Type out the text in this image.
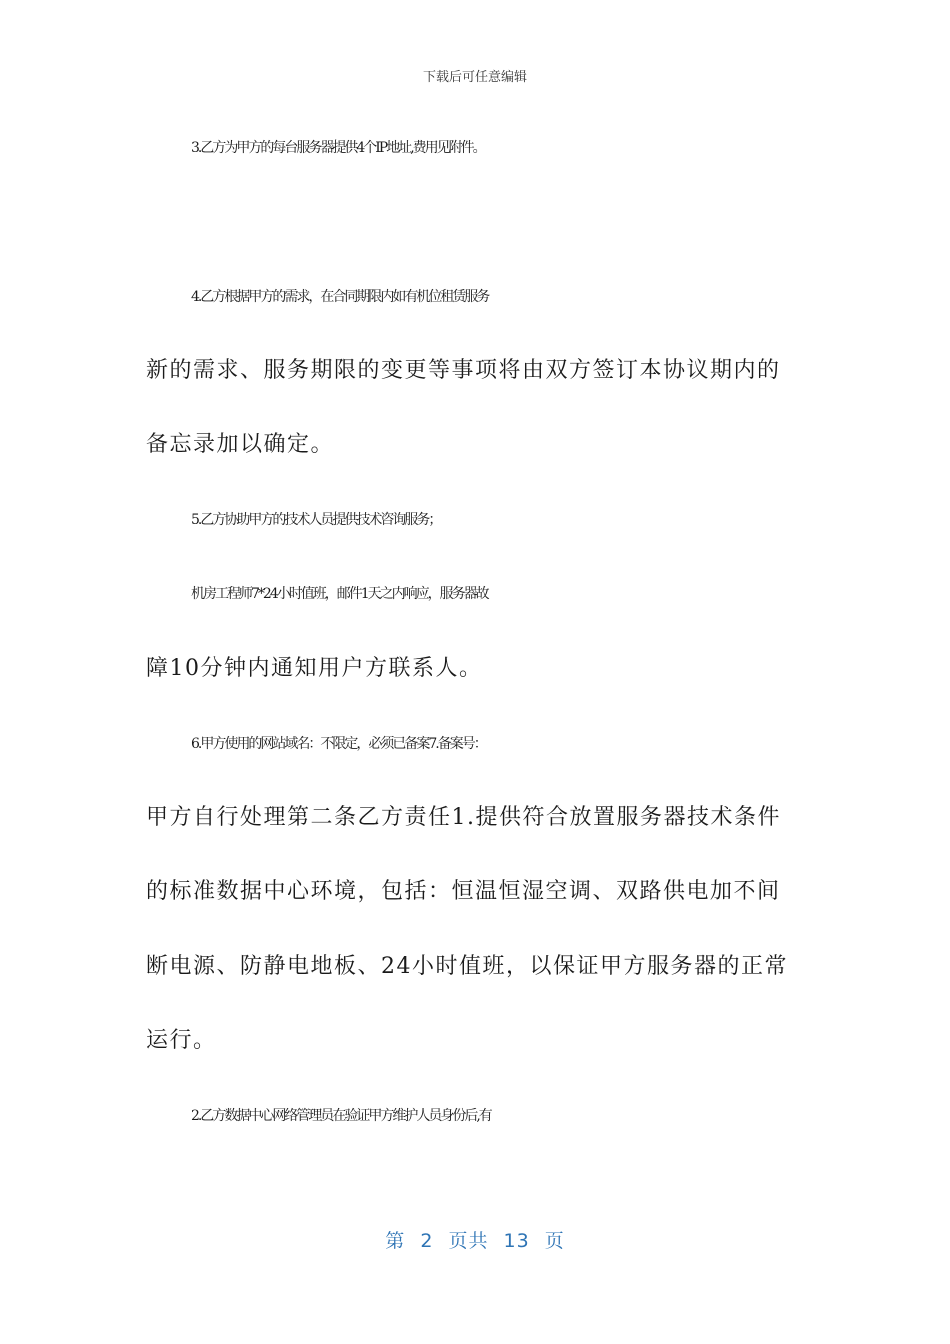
下载后可任意编辑
3.乙方为甲方的每台服务器提供4个IP地址,费用见附件。
4.乙方根据甲方的需求，在合同期限内如有机位租赁服务
新的需求、服务期限的变更等事项将由双方签订本协议期内的
备忘录加以确定。
5.乙方协助甲方的技术人员提供技术咨询服务；
机房工程师7*24小时值班，邮件1天之内响应，服务器故
障10分钟内通知用户方联系人。
6.甲方使用的网站域名：不限定，必须已备案7.备案号：
甲方自行处理第二条乙方责任1.提供符合放置服务器技术条件
的标准数据中心环境，包括：恒温恒湿空调、双路供电加不间
断电源、防静电地板、24小时值班，以保证甲方服务器的正常
运行。
2.乙方数据中心网络管理员在验证甲方维护人员身份后,有
第 2 页共 13 页
